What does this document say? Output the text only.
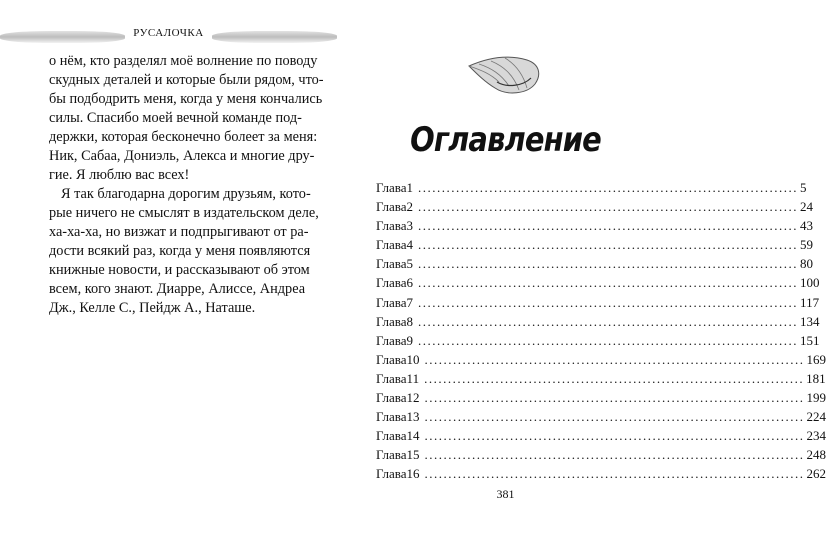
РУСАЛОЧКА
о нём, кто разделял моё волнение по поводу
скудных деталей и которые были рядом, что-
бы подбодрить меня, когда у меня кончались
силы. Спасибо моей вечной команде под-
держки, которая бесконечно болеет за меня:
Ник, Сабаа, Дониэль, Алекса и многие дру-
гие. Я люблю вас всех!
Я так благодарна дорогим друзьям, кото-
рые ничего не смыслят в издательском деле,
ха-ха-ха, но визжат и подпрыгивают от ра-
дости всякий раз, когда у меня появляются
книжные новости, и рассказывают об этом
всем, кого знают. Диарре, Алиссе, Андреа
Дж., Келле С., Пейдж А., Наташе.
Оглавление
Глава 1 ................................................................................ 5
Глава 2 ................................................................................ 24
Глава 3 ................................................................................ 43
Глава 4 ................................................................................ 59
Глава 5 ................................................................................ 80
Глава 6 ................................................................................ 100
Глава 7 ................................................................................ 117
Глава 8 ................................................................................ 134
Глава 9 ................................................................................ 151
Глава 10 ................................................................................ 169
Глава 11 ................................................................................ 181
Глава 12 ................................................................................ 199
Глава 13 ................................................................................ 224
Глава 14 ................................................................................ 234
Глава 15 ................................................................................ 248
Глава 16 ................................................................................ 262
381
